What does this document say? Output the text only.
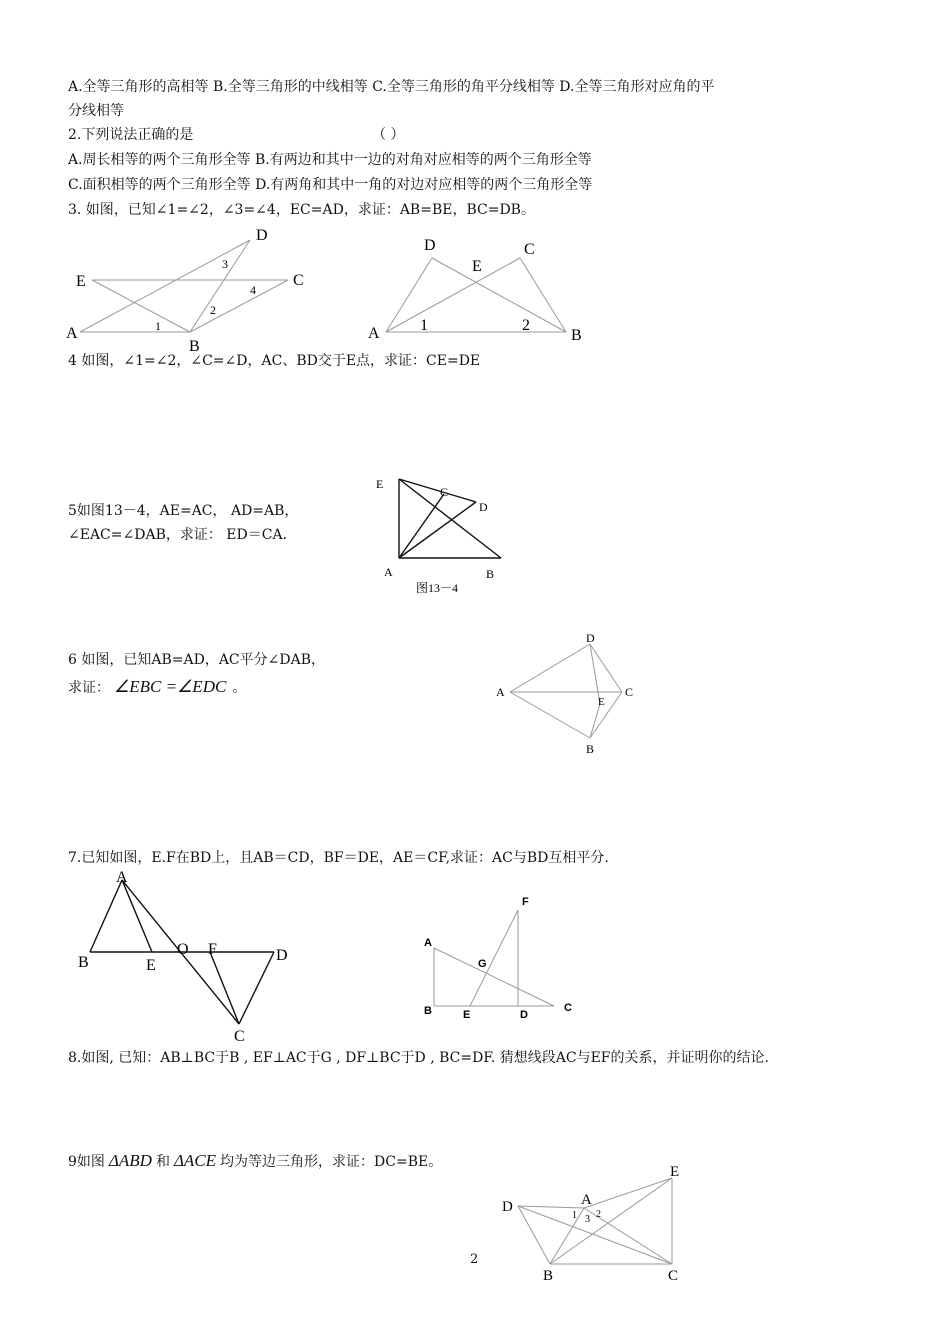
A.全等三角形的高相等 B.全等三角形的中线相等 C.全等三角形的角平分线相等 D.全等三角形对应角的平
分线相等
2.下列说法正确的是	（ ）
A.周长相等的两个三角形全等 B.有两边和其中一边的对角对应相等的两个三角形全等
C.面积相等的两个三角形全等 D.有两角和其中一角的对边对应相等的两个三角形全等
3. 如图，已知∠1=∠2，∠3=∠4，EC=AD，求证：AB=BE，BC=DB。
A
B
C
D
E
1
2
3
4
A	B
C
D
E
1	2
4 如图，∠1=∠2，∠C=∠D，AC、BD交于E点，求证：CE=DE
5如图13－4，AE=AC， AD=AB，
∠EAC=∠DAB，求证： ED＝CA.
E
C
D
A	B
图13－4
6 如图，已知AB=AD，AC平分∠DAB，
求证： ∠EBC =∠EDC 。	A
D
C
E
B
7.已知如图，E.F在BD上，且AB＝CD，BF＝DE，AE＝CF,求证：AC与BD互相平分.
A
B	E
O F	D
C
A
F
G
B	E	D
C
8.如图, 已知：AB⊥BC于B , EF⊥AC于G , DF⊥BC于D , BC=DF. 猜想线段AC与EF的关系，并证明你的结论.
9如图 ΔABD 和 ΔACE 均为等边三角形，求证：DC=BE。
D	A
E
B	C
1 2
3
2
